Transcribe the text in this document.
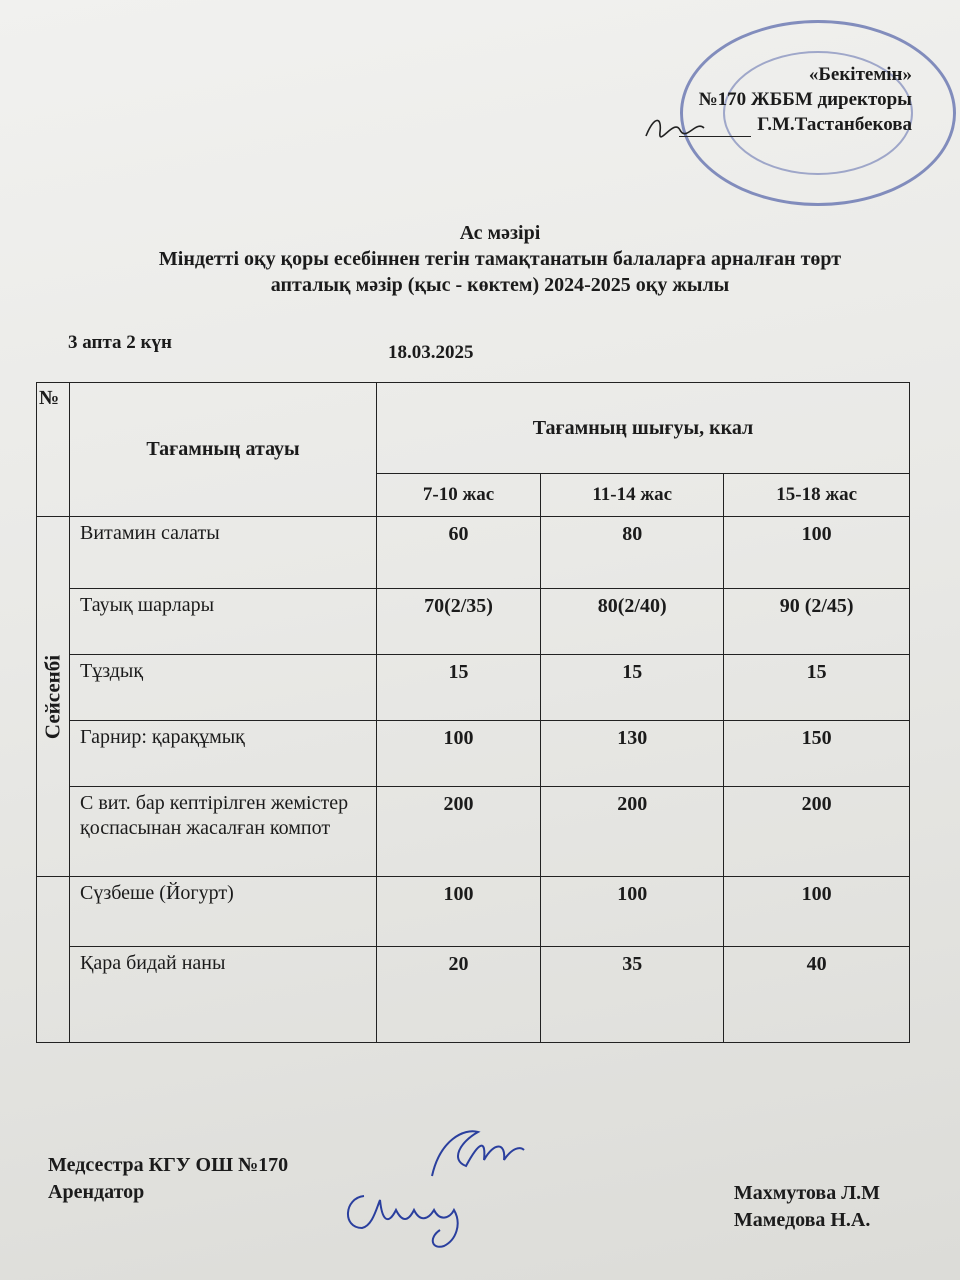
«Бекітемін»
№170 ЖББМ директоры
Г.М.Тастанбекова
Ас мәзірі
Міндетті оқу қоры есебіннен тегін тамақтанатын балаларға арналған төрт
апталық мәзір (қыс - көктем) 2024-2025 оқу жылы
3 апта 2 күн	18.03.2025
№	Тағамның атауы	Тағамның шығуы, ккал		
		7-10 жас	11-14 жас	15-18 жас

Сейсенбі	Витамин салаты	60	80	100
	Тауық шарлары	70(2/35)	80(2/40)	90 (2/45)
	Тұздық	15	15	15
	Гарнир: қарақұмық	100	130	150
	С вит. бар кептірілген жемістер қоспасынан жасалған компот	200	200	200
	Сүзбеше (Йогурт)	100	100	100
	Қара бидай наны	20	35	40
Медсестра КГУ ОШ №170
Арендатор	Махмутова Л.М
Мамедова Н.А.
